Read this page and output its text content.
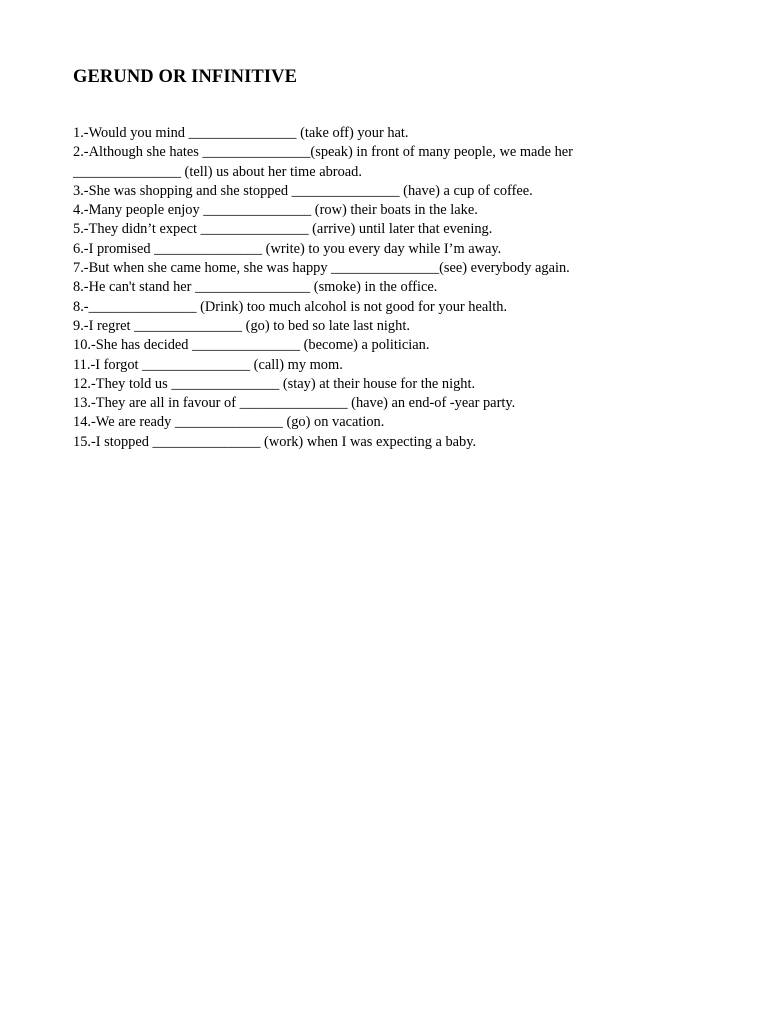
GERUND OR INFINITIVE
1.-Would you mind _______________ (take off) your hat.
2.-Although she hates _______________(speak) in front of many people, we made her
_______________ (tell) us about her time abroad.
3.-She was shopping and she stopped _______________ (have) a cup of coffee.
4.-Many people enjoy _______________ (row) their boats in the lake.
5.-They didn’t expect _______________ (arrive) until later that evening.
6.-I promised _______________ (write) to you every day while I’m away.
7.-But when she came home, she was happy _______________(see) everybody again.
8.-He can't stand her ________________ (smoke) in the office.
8.-_______________ (Drink) too much alcohol is not good for your health.
9.-I regret _______________ (go) to bed so late last night.
10.-She has decided _______________ (become) a politician.
11.-I forgot _______________ (call) my mom.
12.-They told us _______________ (stay) at their house for the night.
13.-They are all in favour of _______________ (have) an end-of -year party.
14.-We are ready _______________ (go) on vacation.
15.-I stopped _______________ (work) when I was expecting a baby.
